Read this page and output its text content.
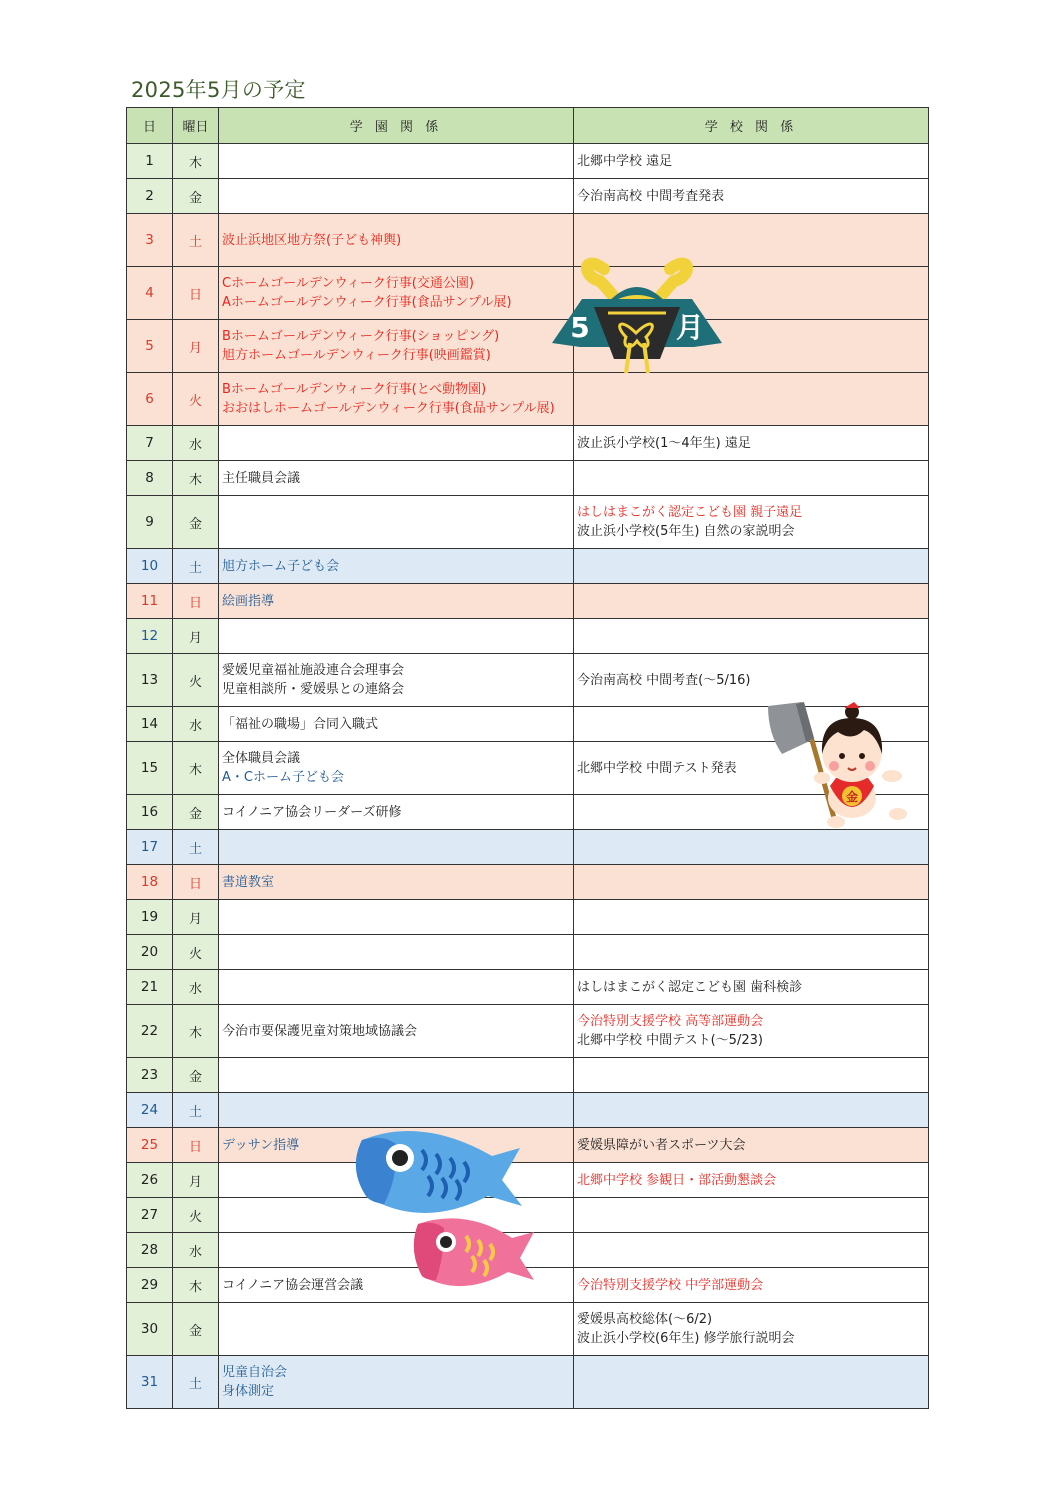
2025年5月の予定
日	曜日	学 園 関 係	学 校 関 係
1	木		北郷中学校 遠足

2	金		今治南高校 中間考査発表

3	土	波止浜地区地方祭(子ども神輿)	

4	日	Cホームゴールデンウィーク行事(交通公園)
Aホームゴールデンウィーク行事(食品サンプル展)	

5	月	Bホームゴールデンウィーク行事(ショッピング)
旭方ホームゴールデンウィーク行事(映画鑑賞)	

6	火	Bホームゴールデンウィーク行事(とべ動物園)
おおはしホームゴールデンウィーク行事(食品サンプル展)	

7	水		波止浜小学校(1～4年生) 遠足

8	木	主任職員会議	

9	金		はしはまこがく認定こども園 親子遠足
波止浜小学校(5年生) 自然の家説明会

10	土	旭方ホーム子ども会	

11	日	絵画指導	

12	月		
13	火	愛媛児童福祉施設連合会理事会
児童相談所・愛媛県との連絡会	今治南高校 中間考査(～5/16)

14	水	「福祉の職場」合同入職式	

15	木	全体職員会議
A・Cホーム子ども会	北郷中学校 中間テスト発表

16	金	コイノニア協会リーダーズ研修	

17	土		
18	日	書道教室	

19	月		
20	火		
21	水		はしはまこがく認定こども園 歯科検診

22	木	今治市要保護児童対策地域協議会	今治特別支援学校 高等部運動会
北郷中学校 中間テスト(～5/23)

23	金		
24	土		
25	日	デッサン指導	愛媛県障がい者スポーツ大会

26	月		北郷中学校 参観日・部活動懇談会

27	火		
28	水		
29	木	コイノニア協会運営会議	今治特別支援学校 中学部運動会

30	金		愛媛県高校総体(～6/2)
波止浜小学校(6年生) 修学旅行説明会

31	土	児童自治会
身体測定	

5	月
金
